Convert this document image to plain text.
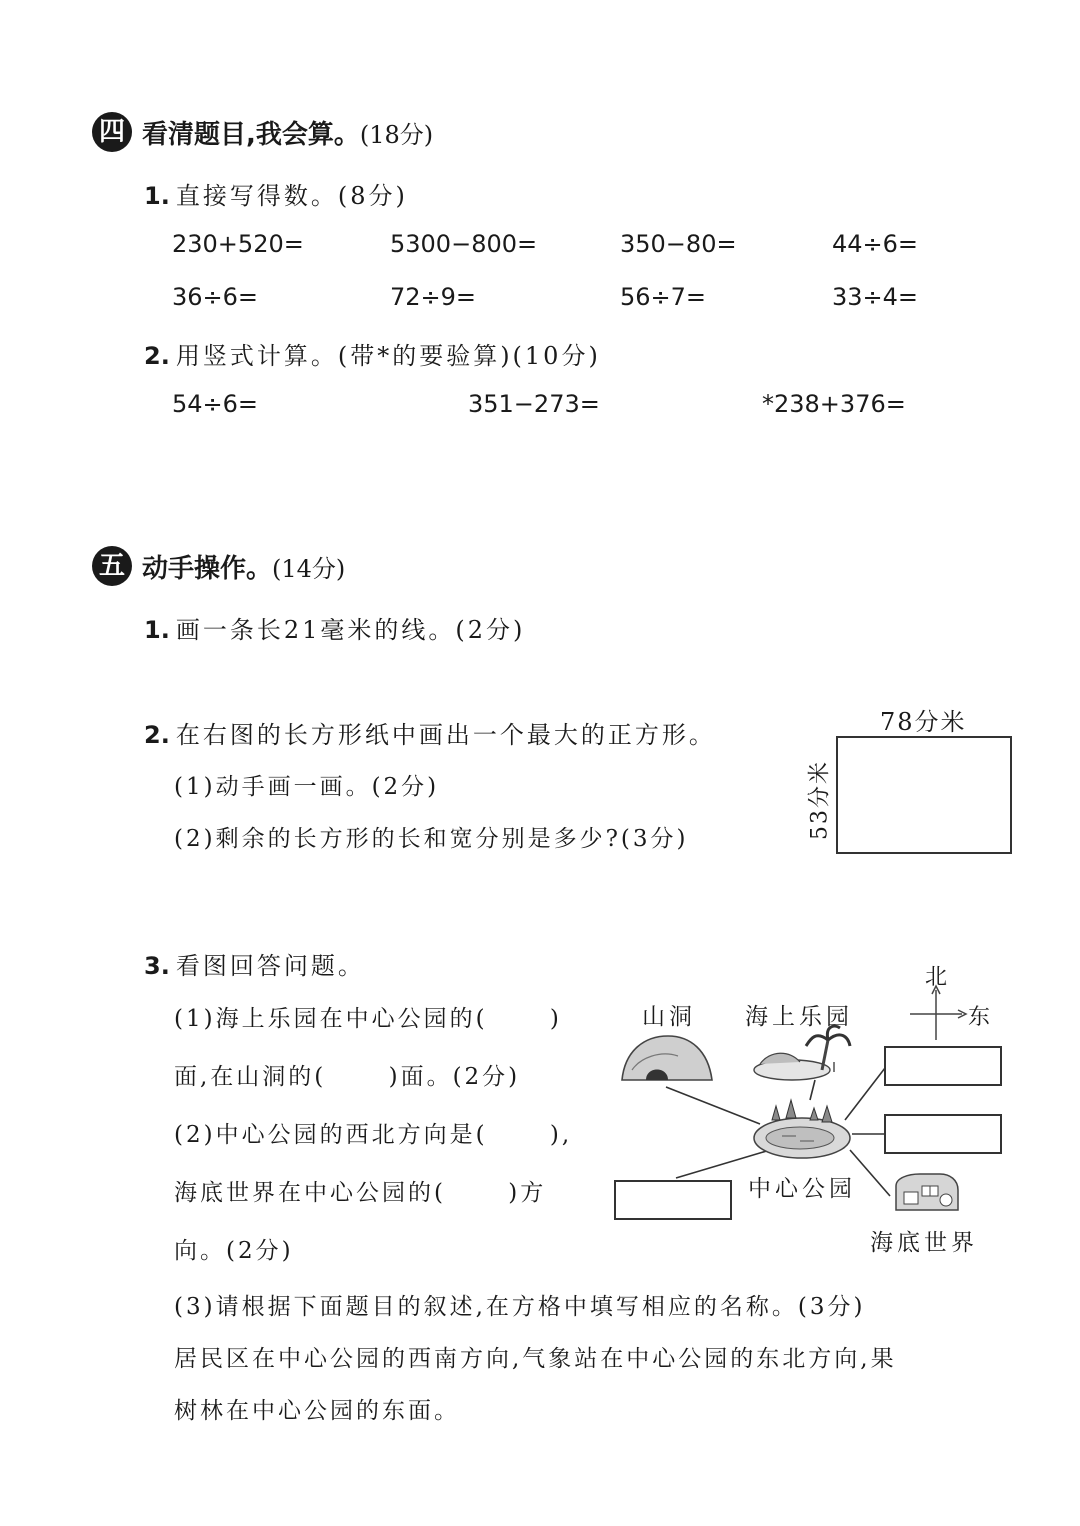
四 看清题目,我会算。(18分)
1. 直接写得数。(8分)
230+520=	5300−800=	350−80=	44÷6=
36÷6=	72÷9=	56÷7=	33÷4=
2. 用竖式计算。(带*的要验算)(10分)
54÷6=	351−273=	*238+376=
五 动手操作。(14分)
1. 画一条长21毫米的线。(2分)
2. 在右图的长方形纸中画出一个最大的正方形。
(1)动手画一画。(2分)
(2)剩余的长方形的长和宽分别是多少?(3分)
78分米
53分米
3. 看图回答问题。
(1)海上乐园在中心公园的(　　 )
面,在山洞的(　　 )面。(2分)
(2)中心公园的西北方向是(　　 ),
海底世界在中心公园的(　　 )方
向。(2分)
(3)请根据下面题目的叙述,在方格中填写相应的名称。(3分)
居民区在中心公园的西南方向,气象站在中心公园的东北方向,果
树林在中心公园的东面。
北
东
山洞 海上乐园
中心公园
海底世界
